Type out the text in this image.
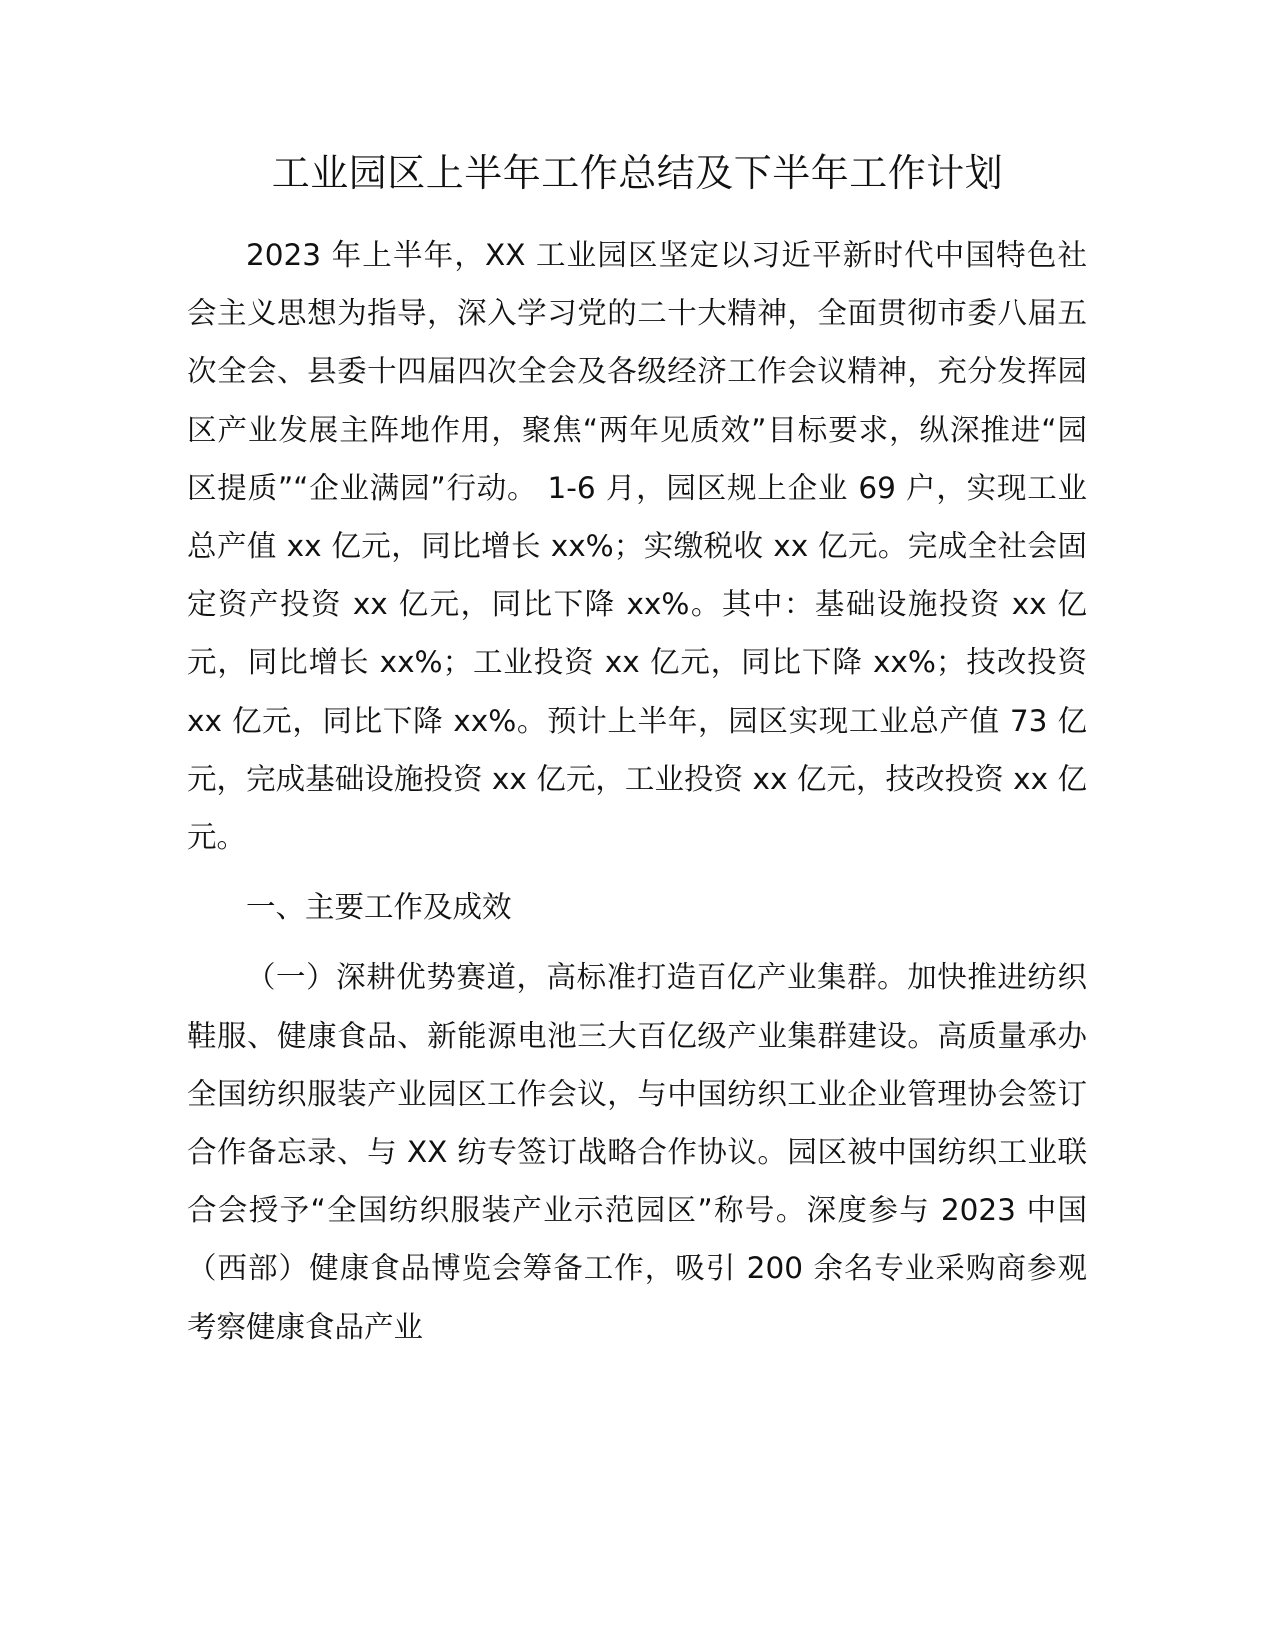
工业园区上半年工作总结及下半年工作计划

2023 年上半年，XX 工业园区坚定以习近平新时代中国特色社会主义思想为指导，深入学习党的二十大精神，全面贯彻市委八届五次全会、县委十四届四次全会及各级经济工作会议精神，充分发挥园区产业发展主阵地作用，聚焦“两年见质效”目标要求，纵深推进“园区提质”“企业满园”行动。 1-6 月，园区规上企业 69 户，实现工业总产值 xx 亿元，同比增长 xx%；实缴税收 xx 亿元。完成全社会固定资产投资 xx 亿元，同比下降 xx%。其中：基础设施投资 xx 亿元，同比增长 xx%；工业投资 xx 亿元，同比下降 xx%；技改投资 xx 亿元，同比下降 xx%。预计上半年，园区实现工业总产值 73 亿元，完成基础设施投资 xx 亿元，工业投资 xx 亿元，技改投资 xx 亿元。

一、主要工作及成效

（一）深耕优势赛道，高标准打造百亿产业集群。加快推进纺织鞋服、健康食品、新能源电池三大百亿级产业集群建设。高质量承办全国纺织服装产业园区工作会议，与中国纺织工业企业管理协会签订合作备忘录、与 XX 纺专签订战略合作协议。园区被中国纺织工业联合会授予“全国纺织服装产业示范园区”称号。深度参与 2023 中国（西部）健康食品博览会筹备工作，吸引 200 余名专业采购商参观考察健康食品产业
